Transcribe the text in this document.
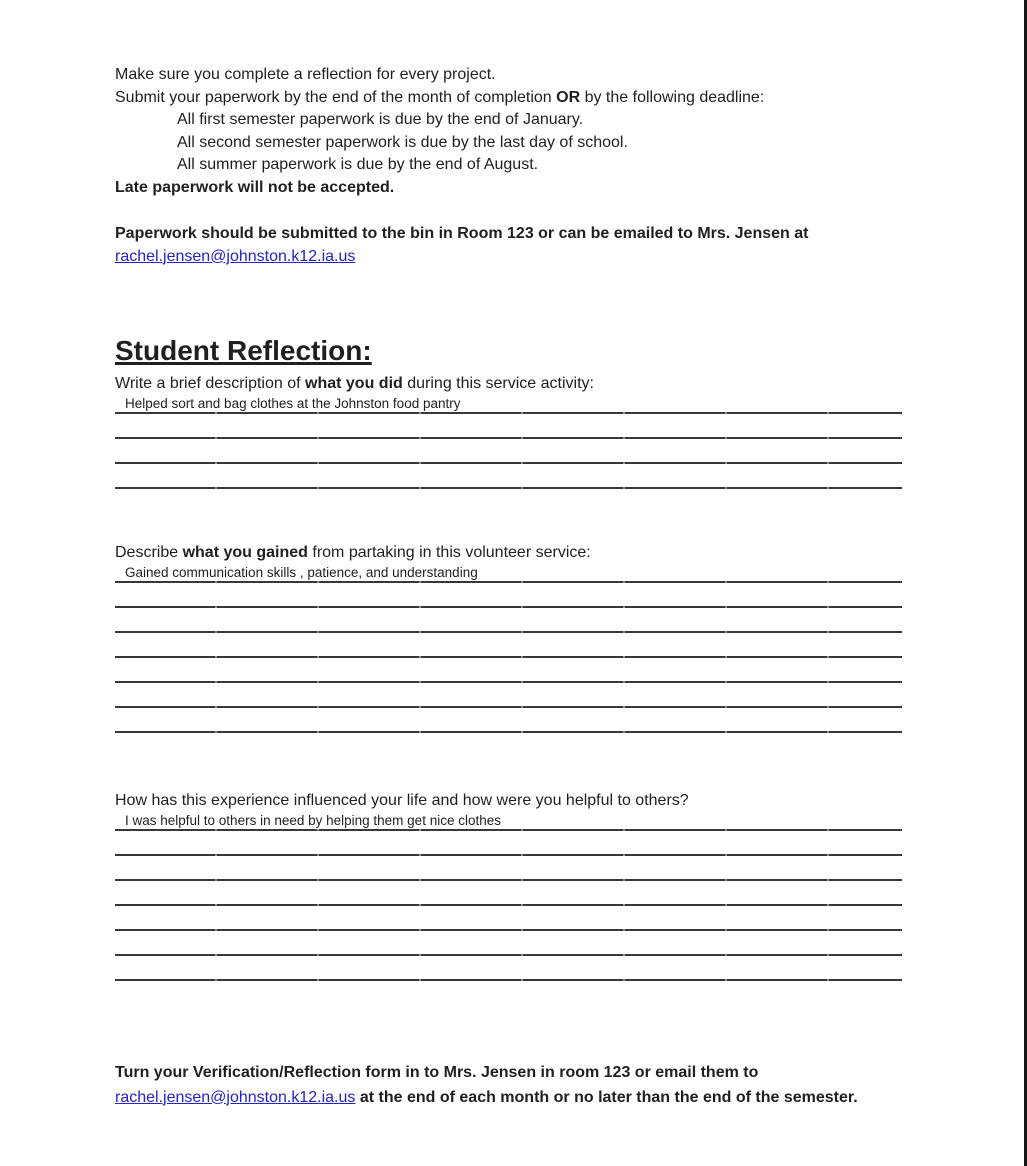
Make sure you complete a reflection for every project.

Submit your paperwork by the end of the month of completion OR by the following deadline:

All first semester paperwork is due by the end of January.

All second semester paperwork is due by the last day of school.

All summer paperwork is due by the end of August.

Late paperwork will not be accepted.

Paperwork should be submitted to the bin in Room 123 or can be emailed to Mrs. Jensen at

rachel.jensen@johnston.k12.ia.us

Student Reflection:

Write a brief description of what you did during this service activity:

Helped sort and bag clothes at the Johnston food pantry

Describe what you gained from partaking in this volunteer service:

Gained communication skills , patience, and understanding

How has this experience influenced your life and how were you helpful to others?

I was helpful to others in need by helping them get nice clothes

Turn your Verification/Reflection form in to Mrs. Jensen in room 123 or email them to rachel.jensen@johnston.k12.ia.us at the end of each month or no later than the end of the semester.
